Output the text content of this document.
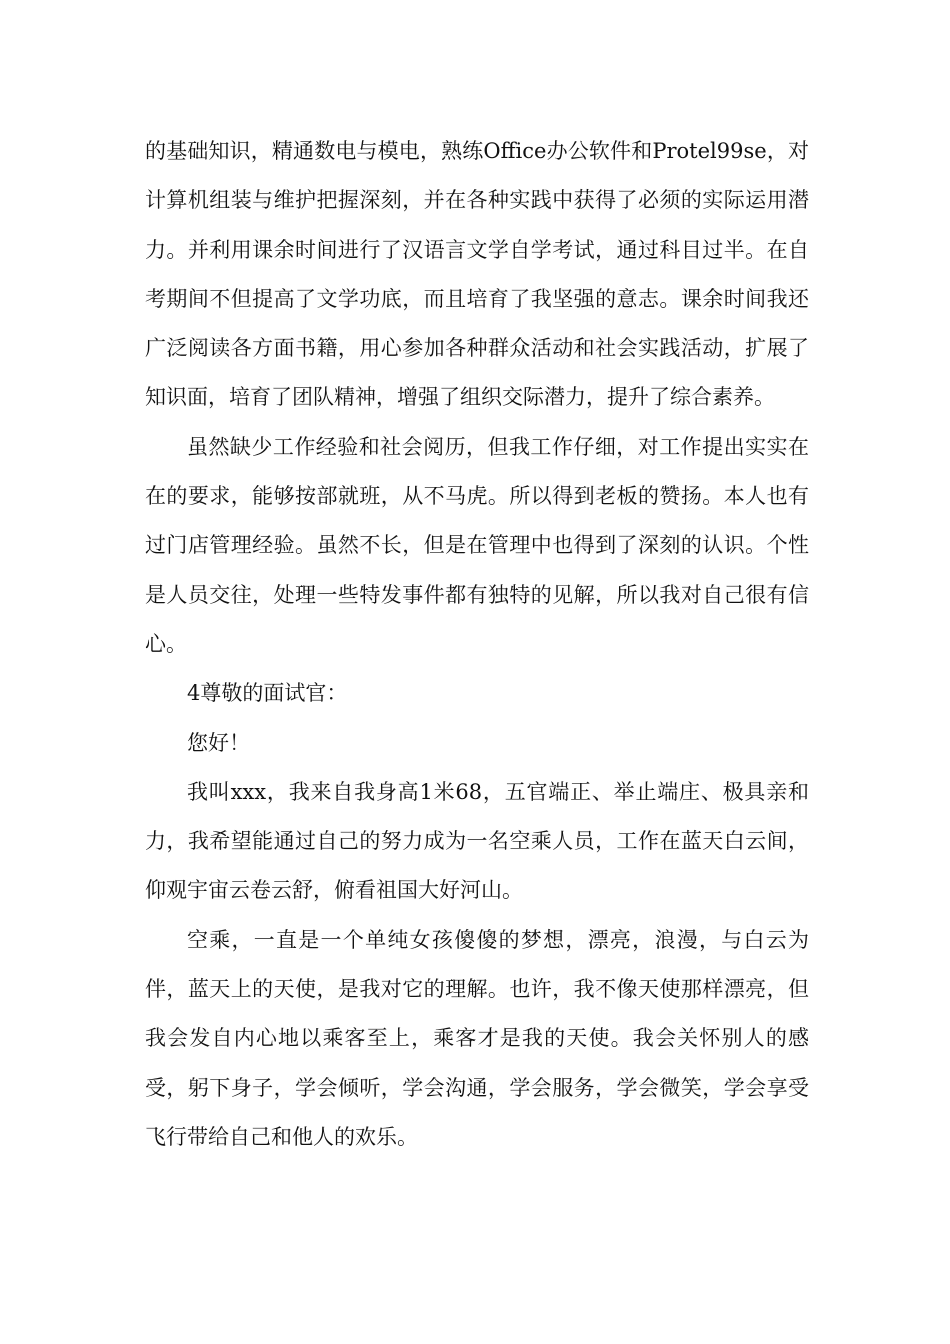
的基础知识，精通数电与模电，熟练Office办公软件和Protel99se，对计算机组装与维护把握深刻，并在各种实践中获得了必须的实际运用潜力。并利用课余时间进行了汉语言文学自学考试，通过科目过半。在自考期间不但提高了文学功底，而且培育了我坚强的意志。课余时间我还广泛阅读各方面书籍，用心参加各种群众活动和社会实践活动，扩展了知识面，培育了团队精神，增强了组织交际潜力，提升了综合素养。

虽然缺少工作经验和社会阅历，但我工作仔细，对工作提出实实在在的要求，能够按部就班，从不马虎。所以得到老板的赞扬。本人也有过门店管理经验。虽然不长，但是在管理中也得到了深刻的认识。个性是人员交往，处理一些特发事件都有独特的见解，所以我对自己很有信心。

4尊敬的面试官：

您好！

我叫xxx，我来自我身高1米68，五官端正、举止端庄、极具亲和力，我希望能通过自己的努力成为一名空乘人员，工作在蓝天白云间，仰观宇宙云卷云舒，俯看祖国大好河山。

空乘，一直是一个单纯女孩傻傻的梦想，漂亮，浪漫，与白云为伴，蓝天上的天使，是我对它的理解。也许，我不像天使那样漂亮，但我会发自内心地以乘客至上，乘客才是我的天使。我会关怀别人的感受，躬下身子，学会倾听，学会沟通，学会服务，学会微笑，学会享受飞行带给自己和他人的欢乐。
